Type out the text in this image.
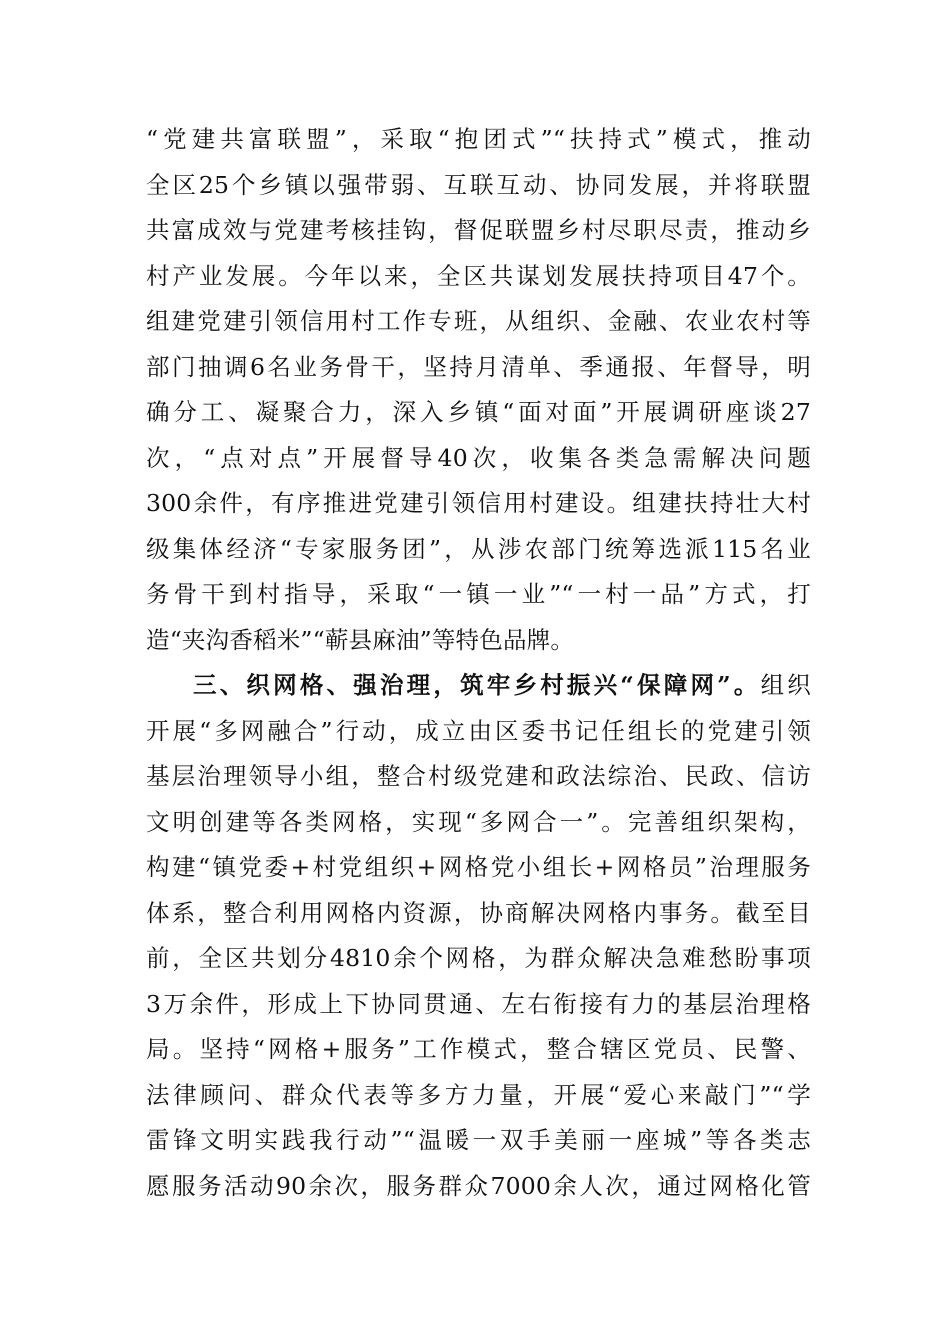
“党建共富联盟”，采取“抱团式”“扶持式”模式，推动
全区25个乡镇以强带弱、互联互动、协同发展，并将联盟
共富成效与党建考核挂钩，督促联盟乡村尽职尽责，推动乡
村产业发展。今年以来，全区共谋划发展扶持项目47个。
组建党建引领信用村工作专班，从组织、金融、农业农村等
部门抽调6名业务骨干，坚持月清单、季通报、年督导，明
确分工、凝聚合力，深入乡镇“面对面”开展调研座谈27
次，“点对点”开展督导40次，收集各类急需解决问题
300余件，有序推进党建引领信用村建设。组建扶持壮大村
级集体经济“专家服务团”，从涉农部门统筹选派115名业
务骨干到村指导，采取“一镇一业”“一村一品”方式，打
造“夹沟香稻米”“蕲县麻油”等特色品牌。
三、织网格、强治理，筑牢乡村振兴“保障网”。组织
开展“多网融合”行动，成立由区委书记任组长的党建引领
基层治理领导小组，整合村级党建和政法综治、民政、信访
文明创建等各类网格，实现“多网合一”。完善组织架构，
构建“镇党委+村党组织+网格党小组长+网格员”治理服务
体系，整合利用网格内资源，协商解决网格内事务。截至目
前，全区共划分4810余个网格，为群众解决急难愁盼事项
3万余件，形成上下协同贯通、左右衔接有力的基层治理格
局。坚持“网格+服务”工作模式，整合辖区党员、民警、
法律顾问、群众代表等多方力量，开展“爱心来敲门”“学
雷锋文明实践我行动”“温暖一双手美丽一座城”等各类志
愿服务活动90余次，服务群众7000余人次，通过网格化管
